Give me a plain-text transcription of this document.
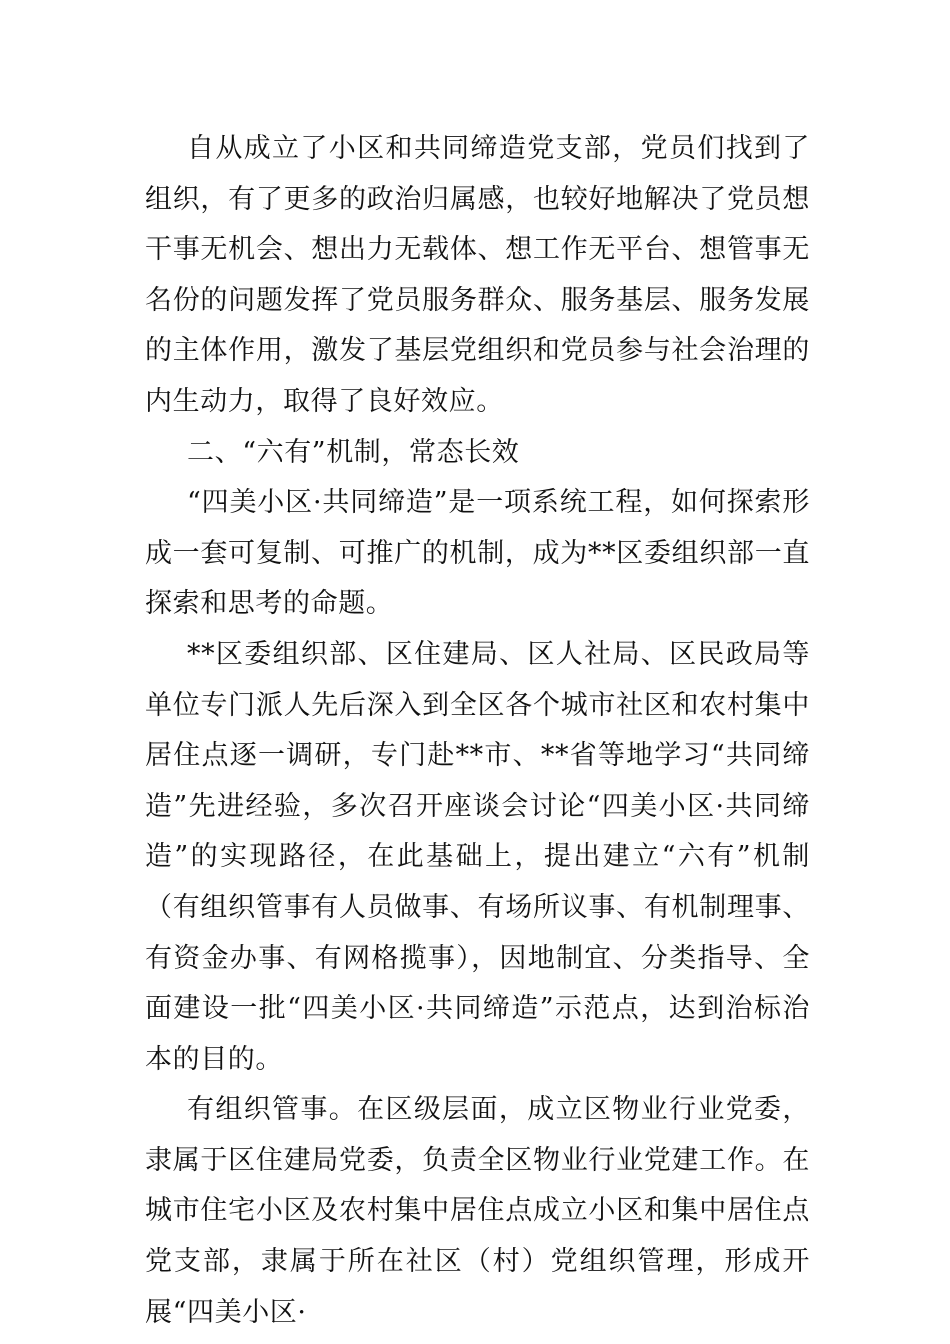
自从成立了小区和共同缔造党支部，党员们找到了组织，有了更多的政治归属感，也较好地解决了党员想干事无机会、想出力无载体、想工作无平台、想管事无名份的问题发挥了党员服务群众、服务基层、服务发展的主体作用，激发了基层党组织和党员参与社会治理的内生动力，取得了良好效应。

二、“六有”机制，常态长效

“四美小区·共同缔造”是一项系统工程，如何探索形成一套可复制、可推广的机制，成为**区委组织部一直探索和思考的命题。

**区委组织部、区住建局、区人社局、区民政局等单位专门派人先后深入到全区各个城市社区和农村集中居住点逐一调研，专门赴**市、**省等地学习“共同缔造”先进经验，多次召开座谈会讨论“四美小区·共同缔造”的实现路径，在此基础上，提出建立“六有”机制（有组织管事有人员做事、有场所议事、有机制理事、有资金办事、有网格揽事），因地制宜、分类指导、全面建设一批“四美小区·共同缔造”示范点，达到治标治本的目的。

有组织管事。在区级层面，成立区物业行业党委，隶属于区住建局党委，负责全区物业行业党建工作。在城市住宅小区及农村集中居住点成立小区和集中居住点党支部，隶属于所在社区（村）党组织管理，形成开展“四美小区·
